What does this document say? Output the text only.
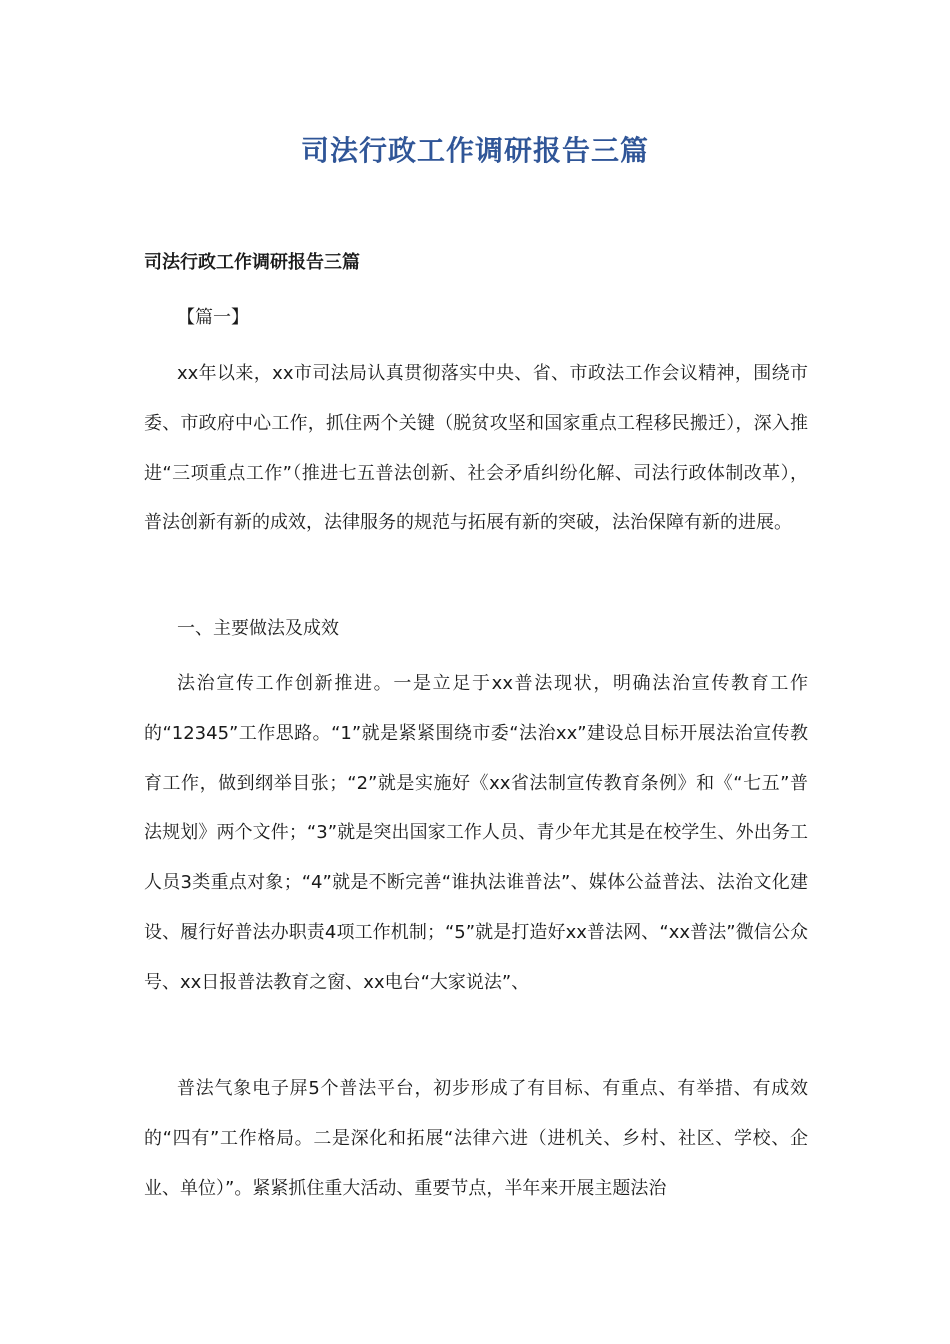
司法行政工作调研报告三篇

司法行政工作调研报告三篇

【篇一】

xx年以来，xx市司法局认真贯彻落实中央、省、市政法工作会议精神，围绕市委、市政府中心工作，抓住两个关键（脱贫攻坚和国家重点工程移民搬迁），深入推进“三项重点工作”（推进七五普法创新、社会矛盾纠纷化解、司法行政体制改革），普法创新有新的成效，法律服务的规范与拓展有新的突破，法治保障有新的进展。

一、主要做法及成效

法治宣传工作创新推进。一是立足于xx普法现状，明确法治宣传教育工作的“12345”工作思路。“1”就是紧紧围绕市委“法治xx”建设总目标开展法治宣传教育工作，做到纲举目张；“2”就是实施好《xx省法制宣传教育条例》和《“七五”普法规划》两个文件；“3”就是突出国家工作人员、青少年尤其是在校学生、外出务工人员3类重点对象；“4”就是不断完善“谁执法谁普法”、媒体公益普法、法治文化建设、履行好普法办职责4项工作机制；“5”就是打造好xx普法网、“xx普法”微信公众号、xx日报普法教育之窗、xx电台“大家说法”、

普法气象电子屏5个普法平台，初步形成了有目标、有重点、有举措、有成效的“四有”工作格局。二是深化和拓展“法律六进（进机关、乡村、社区、学校、企业、单位）”。紧紧抓住重大活动、重要节点，半年来开展主题法治
